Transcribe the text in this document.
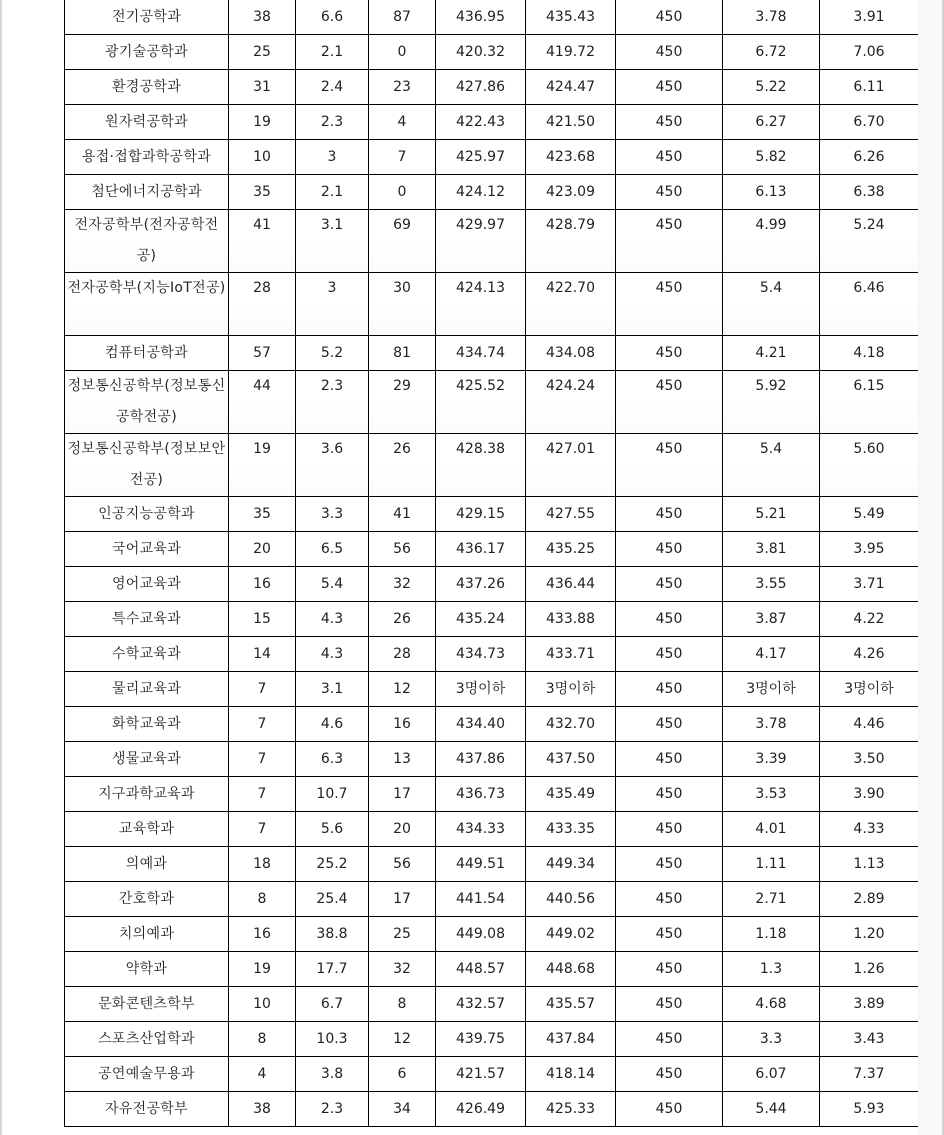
전기공학과	38	6.6	87	436.95	435.43	450	3.78	3.91
광기술공학과	25	2.1	0	420.32	419.72	450	6.72	7.06
환경공학과	31	2.4	23	427.86	424.47	450	5.22	6.11
원자력공학과	19	2.3	4	422.43	421.50	450	6.27	6.70
용접·접합과학공학과	10	3	7	425.97	423.68	450	5.82	6.26
첨단에너지공학과	35	2.1	0	424.12	423.09	450	6.13	6.38
전자공학부(전자공학전공)	41	3.1	69	429.97	428.79	450	4.99	5.24
전자공학부(지능IoT전공)	28	3	30	424.13	422.70	450	5.4	6.46
컴퓨터공학과	57	5.2	81	434.74	434.08	450	4.21	4.18
정보통신공학부(정보통신공학전공)	44	2.3	29	425.52	424.24	450	5.92	6.15
정보통신공학부(정보보안전공)	19	3.6	26	428.38	427.01	450	5.4	5.60
인공지능공학과	35	3.3	41	429.15	427.55	450	5.21	5.49
국어교육과	20	6.5	56	436.17	435.25	450	3.81	3.95
영어교육과	16	5.4	32	437.26	436.44	450	3.55	3.71
특수교육과	15	4.3	26	435.24	433.88	450	3.87	4.22
수학교육과	14	4.3	28	434.73	433.71	450	4.17	4.26
물리교육과	7	3.1	12	3명이하	3명이하	450	3명이하	3명이하
화학교육과	7	4.6	16	434.40	432.70	450	3.78	4.46
생물교육과	7	6.3	13	437.86	437.50	450	3.39	3.50
지구과학교육과	7	10.7	17	436.73	435.49	450	3.53	3.90
교육학과	7	5.6	20	434.33	433.35	450	4.01	4.33
의예과	18	25.2	56	449.51	449.34	450	1.11	1.13
간호학과	8	25.4	17	441.54	440.56	450	2.71	2.89
치의예과	16	38.8	25	449.08	449.02	450	1.18	1.20
약학과	19	17.7	32	448.57	448.68	450	1.3	1.26
문화콘텐츠학부	10	6.7	8	432.57	435.57	450	4.68	3.89
스포츠산업학과	8	10.3	12	439.75	437.84	450	3.3	3.43
공연예술무용과	4	3.8	6	421.57	418.14	450	6.07	7.37
자유전공학부	38	2.3	34	426.49	425.33	450	5.44	5.93
